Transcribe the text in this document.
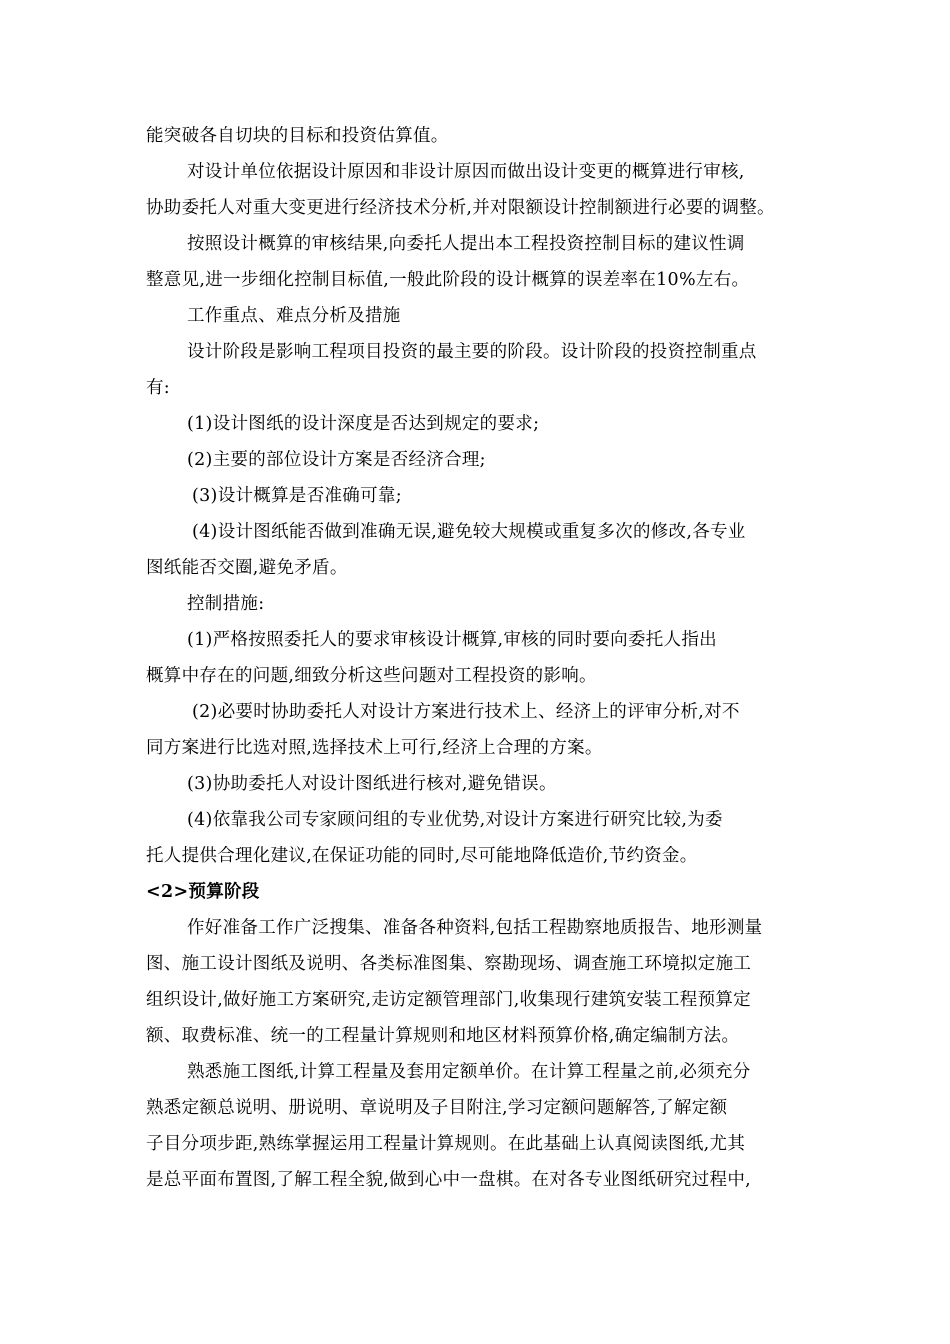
能突破各自切块的目标和投资估算值。
对设计单位依据设计原因和非设计原因而做出设计变更的概算进行审核,
协助委托人对重大变更进行经济技术分析,并对限额设计控制额进行必要的调整。
按照设计概算的审核结果,向委托人提出本工程投资控制目标的建议性调
整意见,进一步细化控制目标值,一般此阶段的设计概算的误差率在10%左右。
工作重点、难点分析及措施
设计阶段是影响工程项目投资的最主要的阶段。设计阶段的投资控制重点
有:
(1)设计图纸的设计深度是否达到规定的要求;
(2)主要的部位设计方案是否经济合理;
(3)设计概算是否准确可靠;
(4)设计图纸能否做到准确无误,避免较大规模或重复多次的修改,各专业
图纸能否交圈,避免矛盾。
控制措施:
(1)严格按照委托人的要求审核设计概算,审核的同时要向委托人指出
概算中存在的问题,细致分析这些问题对工程投资的影响。
(2)必要时协助委托人对设计方案进行技术上、经济上的评审分析,对不
同方案进行比选对照,选择技术上可行,经济上合理的方案。
(3)协助委托人对设计图纸进行核对,避免错误。
(4)依靠我公司专家顾问组的专业优势,对设计方案进行研究比较,为委
托人提供合理化建议,在保证功能的同时,尽可能地降低造价,节约资金。
<2>预算阶段
作好准备工作广泛搜集、准备各种资料,包括工程勘察地质报告、地形测量
图、施工设计图纸及说明、各类标准图集、察勘现场、调查施工环境拟定施工
组织设计,做好施工方案研究,走访定额管理部门,收集现行建筑安装工程预算定
额、取费标准、统一的工程量计算规则和地区材料预算价格,确定编制方法。
熟悉施工图纸,计算工程量及套用定额单价。在计算工程量之前,必须充分
熟悉定额总说明、册说明、章说明及子目附注,学习定额问题解答,了解定额
子目分项步距,熟练掌握运用工程量计算规则。在此基础上认真阅读图纸,尤其
是总平面布置图,了解工程全貌,做到心中一盘棋。在对各专业图纸研究过程中,
